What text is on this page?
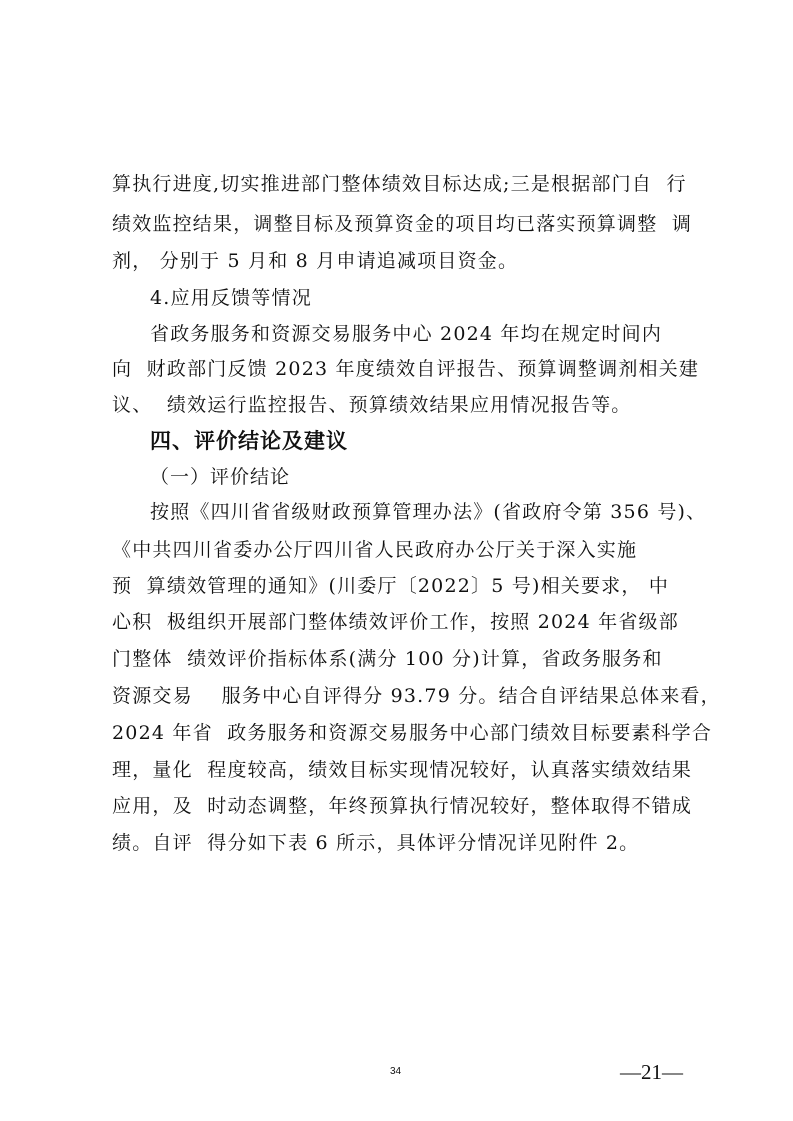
算执行进度,切实推进部门整体绩效目标达成;三是根据部门自  行
绩效监控结果，调整目标及预算资金的项目均已落实预算调整  调
剂， 分别于 5 月和 8 月申请追减项目资金。
4.应用反馈等情况
省政务服务和资源交易服务中心 2024 年均在规定时间内
向  财政部门反馈 2023 年度绩效自评报告、预算调整调剂相关建
议、  绩效运行监控报告、预算绩效结果应用情况报告等。
四、评价结论及建议
（一）评价结论
按照《四川省省级财政预算管理办法》(省政府令第 356 号)、
《中共四川省委办公厅四川省人民政府办公厅关于深入实施
预  算绩效管理的通知》(川委厅〔2022〕5 号)相关要求， 中
心积  极组织开展部门整体绩效评价工作，按照 2024 年省级部
门整体  绩效评价指标体系(满分 100 分)计算，省政务服务和
资源交易    服务中心自评得分 93.79 分。结合自评结果总体来看，
2024 年省  政务服务和资源交易服务中心部门绩效目标要素科学合
理，量化  程度较高，绩效目标实现情况较好，认真落实绩效结果
应用，及  时动态调整，年终预算执行情况较好，整体取得不错成
绩。自评  得分如下表 6 所示，具体评分情况详见附件 2。
34	—21—
